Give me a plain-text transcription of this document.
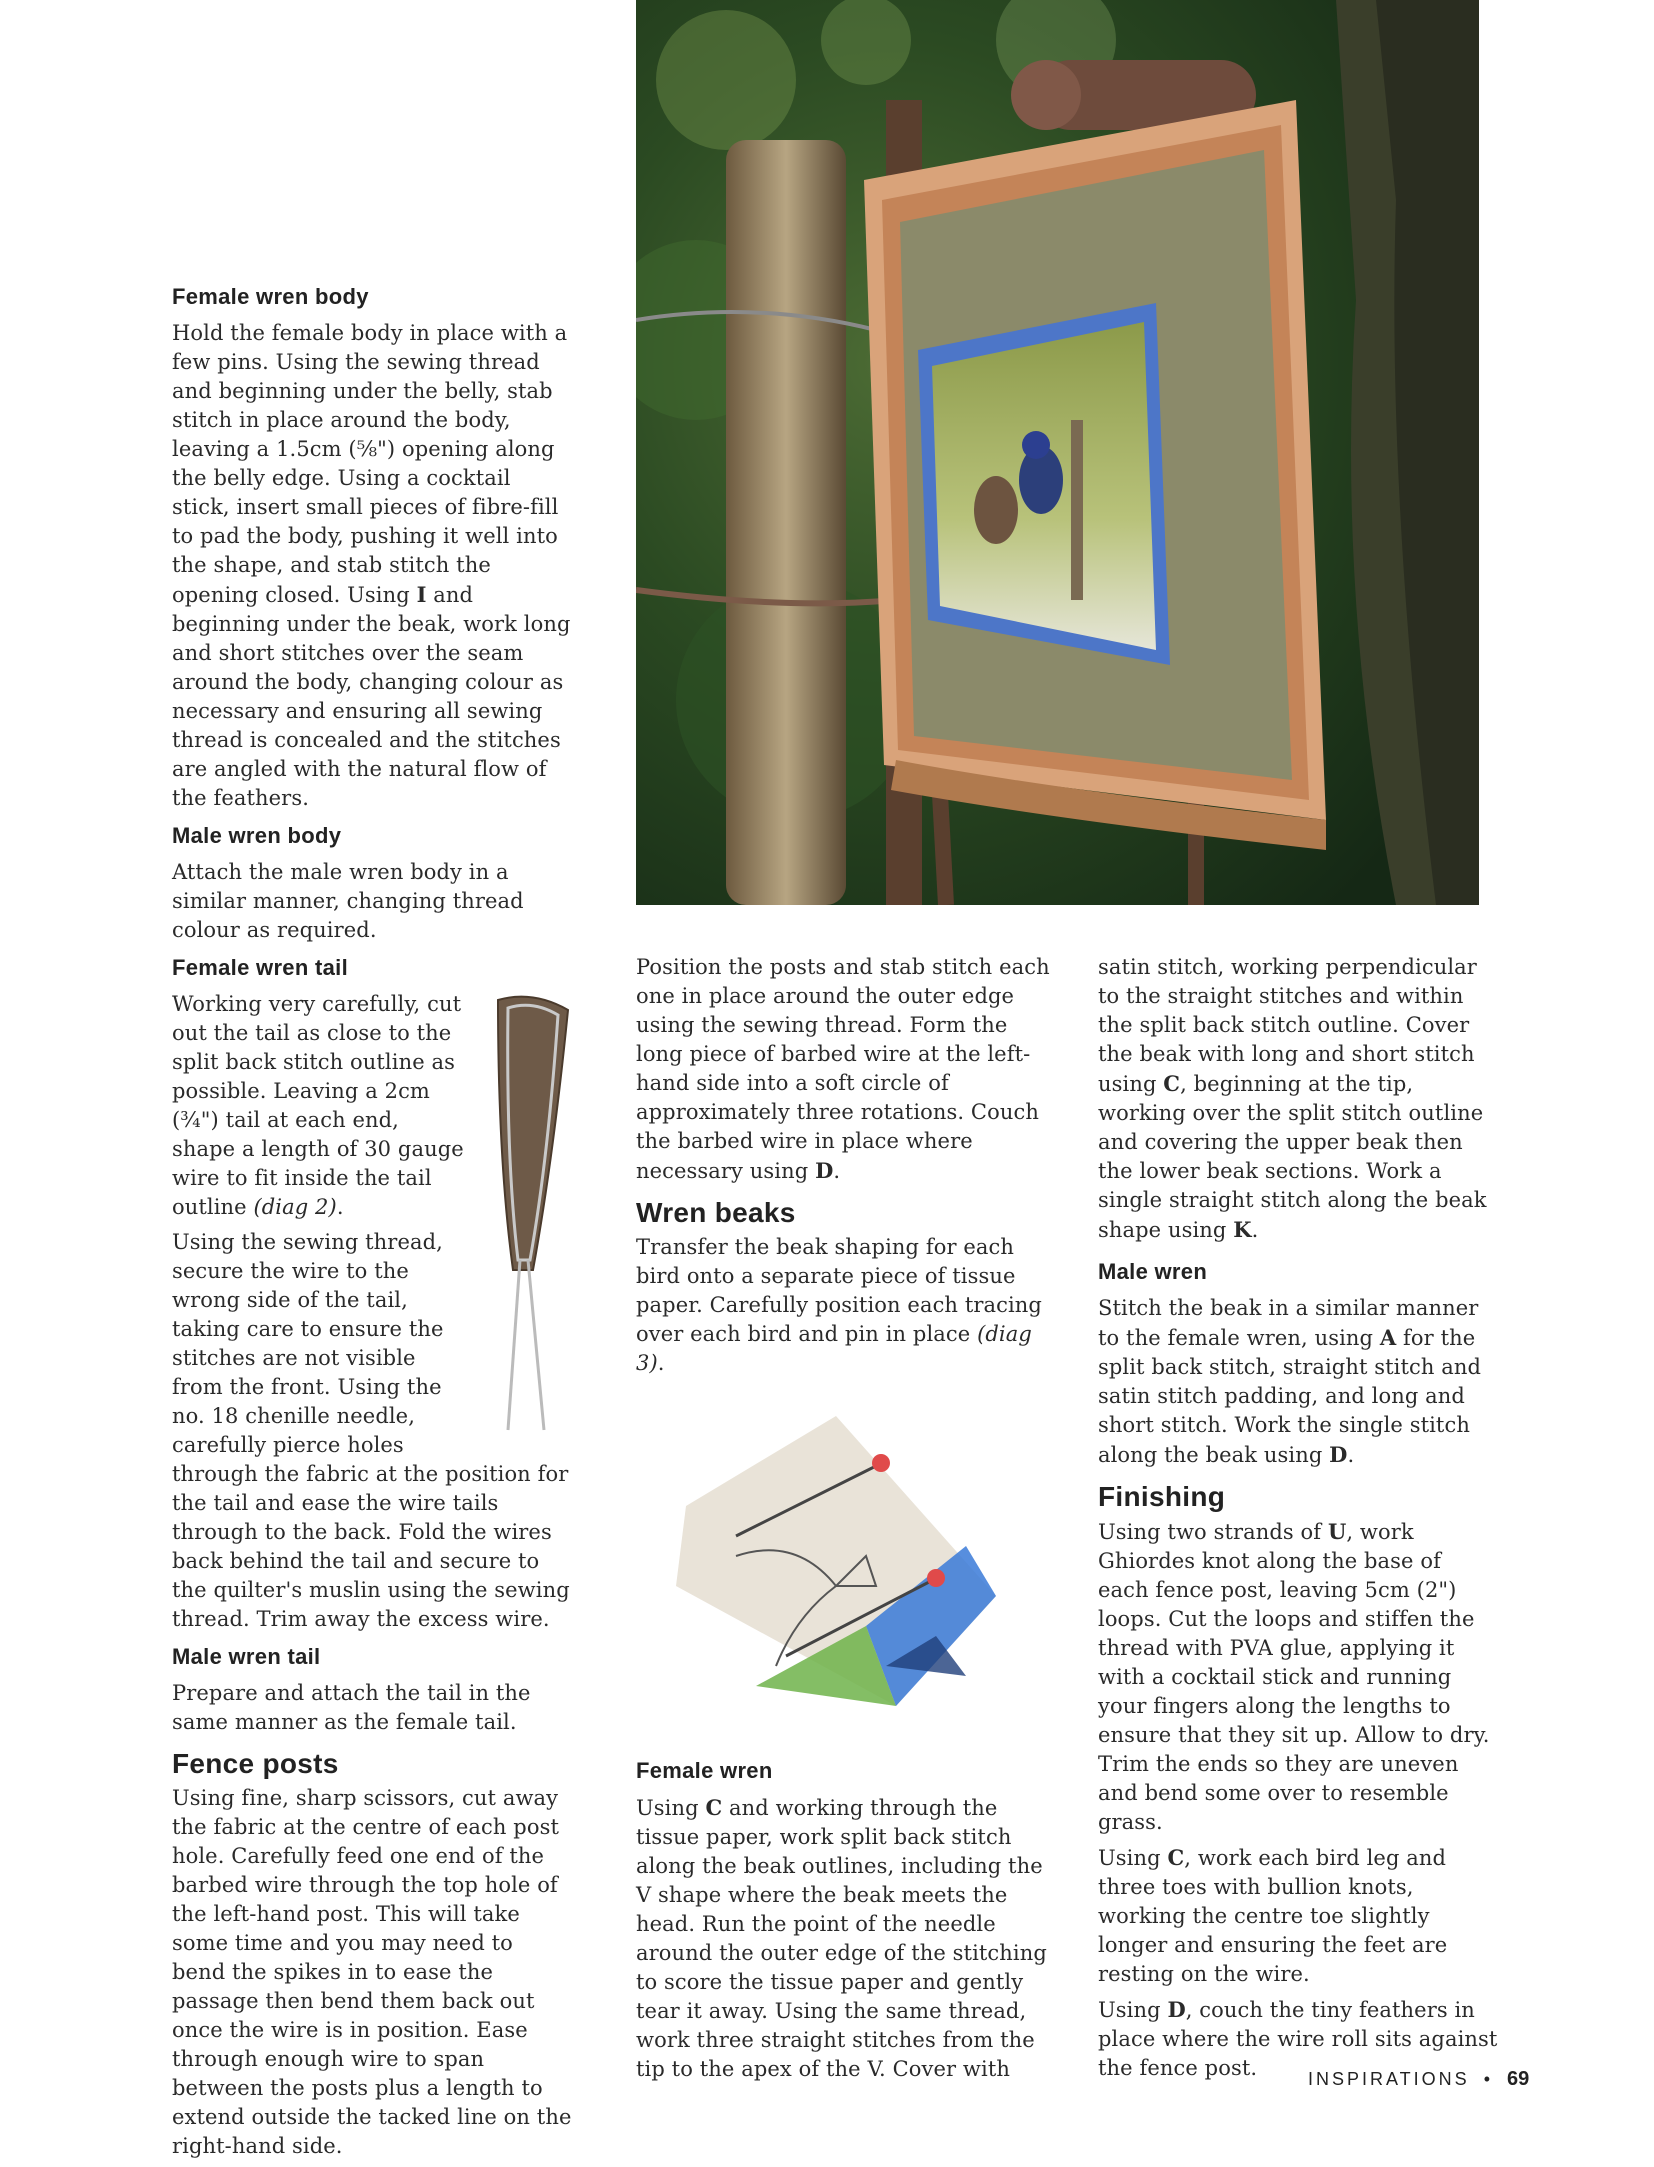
Female wren body

Hold the female body in place with a few pins. Using the sewing thread and beginning under the belly, stab stitch in place around the body, leaving a 1.5cm (⅝") opening along the belly edge. Using a cocktail stick, insert small pieces of fibre-fill to pad the body, pushing it well into the shape, and stab stitch the opening closed. Using I and beginning under the beak, work long and short stitches over the seam around the body, changing colour as necessary and ensuring all sewing thread is concealed and the stitches are angled with the natural flow of the feathers.

Male wren body

Attach the male wren body in a similar manner, changing thread colour as required.

Female wren tail

Working very carefully, cut out the tail as close to the split back stitch outline as possible. Leaving a 2cm (¾") tail at each end, shape a length of 30 gauge wire to fit inside the tail outline (diag 2).

Using the sewing thread, secure the wire to the wrong side of the tail, taking care to ensure the stitches are not visible from the front. Using the no. 18 chenille needle, carefully pierce holes through the fabric at the position for the tail and ease the wire tails through to the back. Fold the wires back behind the tail and secure to the quilter's muslin using the sewing thread. Trim away the excess wire.

Male wren tail

Prepare and attach the tail in the same manner as the female tail.

Fence posts

Using fine, sharp scissors, cut away the fabric at the centre of each post hole. Carefully feed one end of the barbed wire through the top hole of the left-hand post. This will take some time and you may need to bend the spikes in to ease the passage then bend them back out once the wire is in position. Ease through enough wire to span between the posts plus a length to extend outside the tacked line on the right-hand side.

Position the posts and stab stitch each one in place around the outer edge using the sewing thread. Form the long piece of barbed wire at the left-hand side into a soft circle of approximately three rotations. Couch the barbed wire in place where necessary using D.

Wren beaks

Transfer the beak shaping for each bird onto a separate piece of tissue paper. Carefully position each tracing over each bird and pin in place (diag 3).

Female wren

Using C and working through the tissue paper, work split back stitch along the beak outlines, including the V shape where the beak meets the head. Run the point of the needle around the outer edge of the stitching to score the tissue paper and gently tear it away. Using the same thread, work three straight stitches from the tip to the apex of the V. Cover with

satin stitch, working perpendicular to the straight stitches and within the split back stitch outline. Cover the beak with long and short stitch using C, beginning at the tip, working over the split stitch outline and covering the upper beak then the lower beak sections. Work a single straight stitch along the beak shape using K.

Male wren

Stitch the beak in a similar manner to the female wren, using A for the split back stitch, straight stitch and satin stitch padding, and long and short stitch. Work the single stitch along the beak using D.

Finishing

Using two strands of U, work Ghiordes knot along the base of each fence post, leaving 5cm (2") loops. Cut the loops and stiffen the thread with PVA glue, applying it with a cocktail stick and running your fingers along the lengths to ensure that they sit up. Allow to dry. Trim the ends so they are uneven and bend some over to resemble grass.

Using C, work each bird leg and three toes with bullion knots, working the centre toe slightly longer and ensuring the feet are resting on the wire.

Using D, couch the tiny feathers in place where the wire roll sits against the fence post.	INSPIRATIONS • 69
